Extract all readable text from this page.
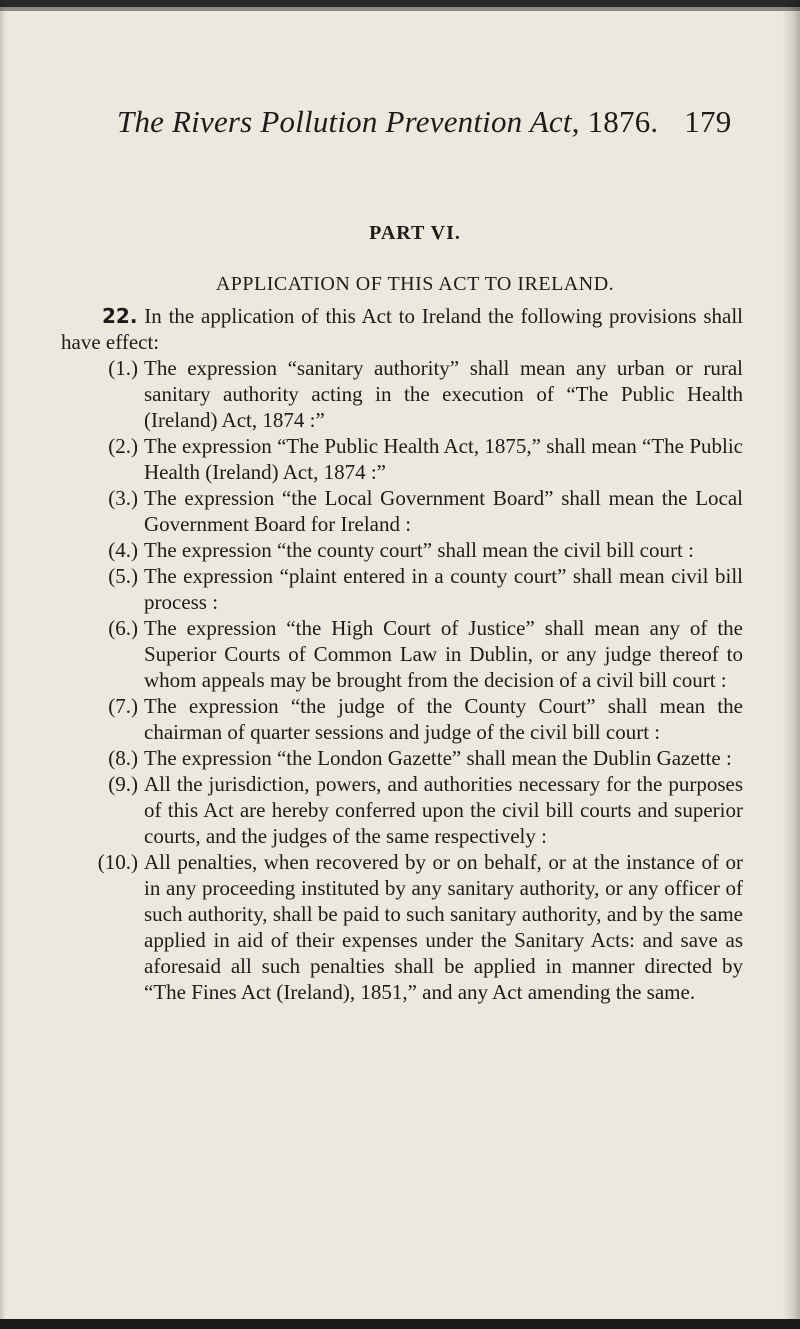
The Rivers Pollution Prevention Act, 1876. 179
PART VI.
APPLICATION OF THIS ACT TO IRELAND.

22. In the application of this Act to Ireland the following provisions shall have effect:

(1.) The expression “sanitary authority” shall mean any urban or rural sanitary authority acting in the execution of “The Public Health (Ireland) Act, 1874 :”
(2.) The expression “The Public Health Act, 1875,” shall mean “The Public Health (Ireland) Act, 1874 :”
(3.) The expression “the Local Government Board” shall mean the Local Government Board for Ireland :
(4.) The expression “the county court” shall mean the civil bill court :
(5.) The expression “plaint entered in a county court” shall mean civil bill process :
(6.) The expression “the High Court of Justice” shall mean any of the Superior Courts of Common Law in Dublin, or any judge thereof to whom appeals may be brought from the decision of a civil bill court :
(7.) The expression “the judge of the County Court” shall mean the chairman of quarter sessions and judge of the civil bill court :
(8.) The expression “the London Gazette” shall mean the Dublin Gazette :
(9.) All the jurisdiction, powers, and authorities necessary for the purposes of this Act are hereby conferred upon the civil bill courts and superior courts, and the judges of the same respectively :
(10.) All penalties, when recovered by or on behalf, or at the instance of or in any proceeding instituted by any sanitary authority, or any officer of such authority, shall be paid to such sanitary authority, and by the same applied in aid of their expenses under the Sanitary Acts: and save as aforesaid all such penalties shall be applied in manner directed by “The Fines Act (Ireland), 1851,” and any Act amending the same.
